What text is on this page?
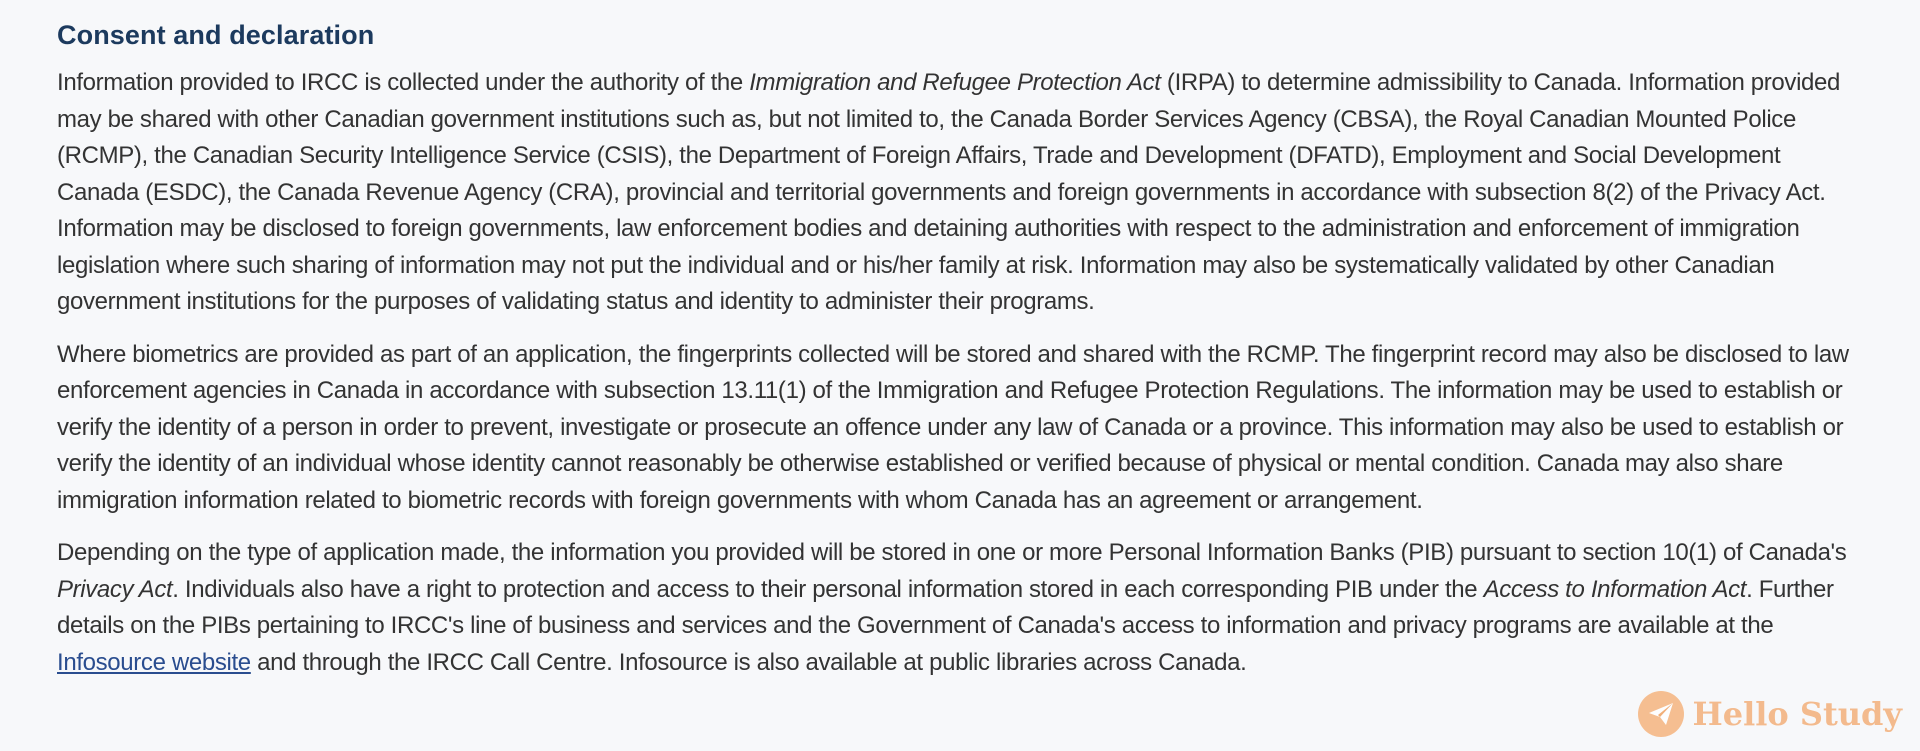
Consent and declaration

Information provided to IRCC is collected under the authority of the Immigration and Refugee Protection Act (IRPA) to determine admissibility to Canada. Information provided may be shared with other Canadian government institutions such as, but not limited to, the Canada Border Services Agency (CBSA), the Royal Canadian Mounted Police (RCMP), the Canadian Security Intelligence Service (CSIS), the Department of Foreign Affairs, Trade and Development (DFATD), Employment and Social Development Canada (ESDC), the Canada Revenue Agency (CRA), provincial and territorial governments and foreign governments in accordance with subsection 8(2) of the Privacy Act. Information may be disclosed to foreign governments, law enforcement bodies and detaining authorities with respect to the administration and enforcement of immigration legislation where such sharing of information may not put the individual and or his/her family at risk. Information may also be systematically validated by other Canadian government institutions for the purposes of validating status and identity to administer their programs.

Where biometrics are provided as part of an application, the fingerprints collected will be stored and shared with the RCMP. The fingerprint record may also be disclosed to law enforcement agencies in Canada in accordance with subsection 13.11(1) of the Immigration and Refugee Protection Regulations. The information may be used to establish or verify the identity of a person in order to prevent, investigate or prosecute an offence under any law of Canada or a province. This information may also be used to establish or verify the identity of an individual whose identity cannot reasonably be otherwise established or verified because of physical or mental condition. Canada may also share immigration information related to biometric records with foreign governments with whom Canada has an agreement or arrangement.

Depending on the type of application made, the information you provided will be stored in one or more Personal Information Banks (PIB) pursuant to section 10(1) of Canada's Privacy Act. Individuals also have a right to protection and access to their personal information stored in each corresponding PIB under the Access to Information Act. Further details on the PIBs pertaining to IRCC's line of business and services and the Government of Canada's access to information and privacy programs are available at the Infosource website and through the IRCC Call Centre. Infosource is also available at public libraries across Canada.

Hello Study
